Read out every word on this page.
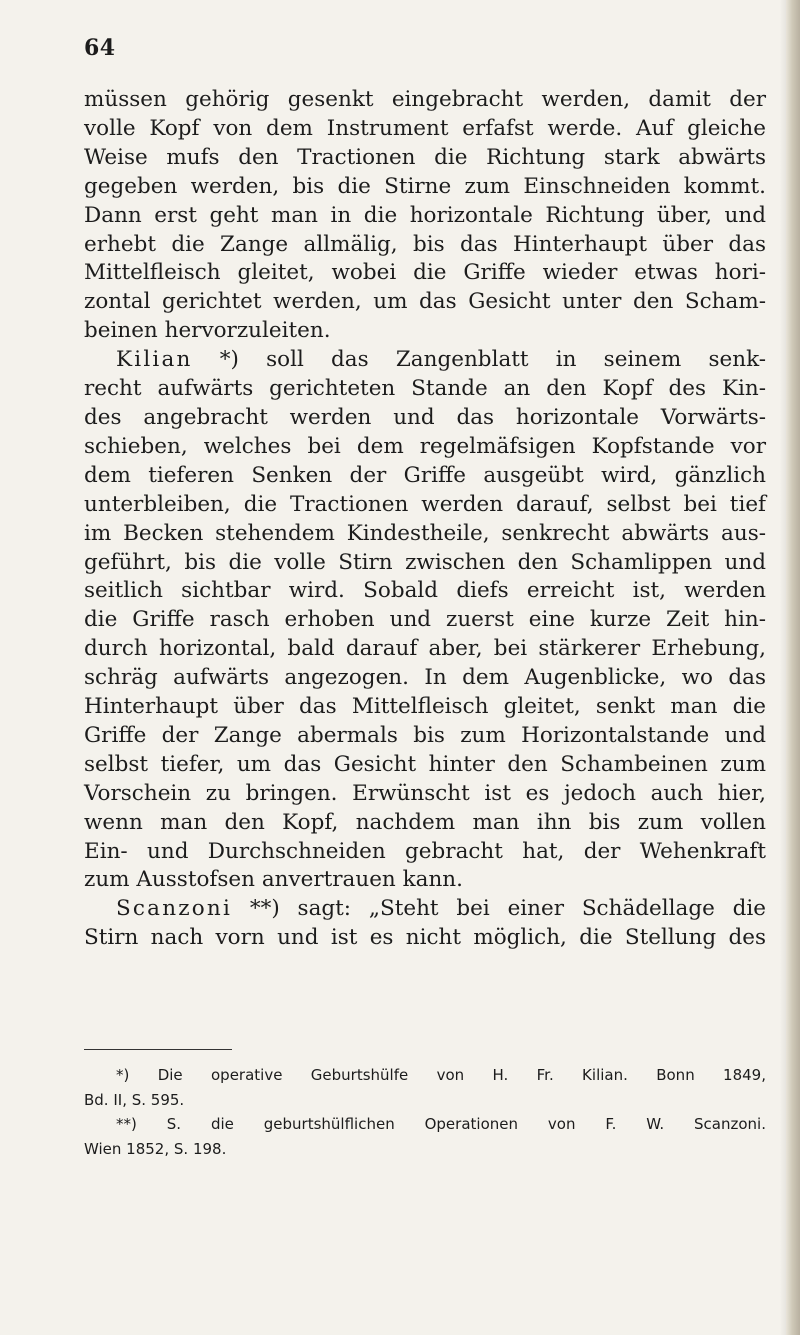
64
müssen gehörig gesenkt eingebracht werden, damit der
volle Kopf von dem Instrument erfafst werde. Auf gleiche
Weise mufs den Tractionen die Richtung stark abwärts
gegeben werden, bis die Stirne zum Einschneiden kommt.
Dann erst geht man in die horizontale Richtung über, und
erhebt die Zange allmälig, bis das Hinterhaupt über das
Mittelfleisch gleitet, wobei die Griffe wieder etwas hori-
zontal gerichtet werden, um das Gesicht unter den Scham-
beinen hervorzuleiten.
Kilian *) soll das Zangenblatt in seinem senk-
recht aufwärts gerichteten Stande an den Kopf des Kin-
des angebracht werden und das horizontale Vorwärts-
schieben, welches bei dem regelmäfsigen Kopfstande vor
dem tieferen Senken der Griffe ausgeübt wird, gänzlich
unterbleiben, die Tractionen werden darauf, selbst bei tief
im Becken stehendem Kindestheile, senkrecht abwärts aus-
geführt, bis die volle Stirn zwischen den Schamlippen und
seitlich sichtbar wird. Sobald diefs erreicht ist, werden
die Griffe rasch erhoben und zuerst eine kurze Zeit hin-
durch horizontal, bald darauf aber, bei stärkerer Erhebung,
schräg aufwärts angezogen. In dem Augenblicke, wo das
Hinterhaupt über das Mittelfleisch gleitet, senkt man die
Griffe der Zange abermals bis zum Horizontalstande und
selbst tiefer, um das Gesicht hinter den Schambeinen zum
Vorschein zu bringen. Erwünscht ist es jedoch auch hier,
wenn man den Kopf, nachdem man ihn bis zum vollen
Ein- und Durchschneiden gebracht hat, der Wehenkraft
zum Ausstofsen anvertrauen kann.
Scanzoni **) sagt: „Steht bei einer Schädellage die
Stirn nach vorn und ist es nicht möglich, die Stellung des
*) Die operative Geburtshülfe von H. Fr. Kilian. Bonn 1849,
Bd. II, S. 595.
**) S. die geburtshülflichen Operationen von F. W. Scanzoni.
Wien 1852, S. 198.
